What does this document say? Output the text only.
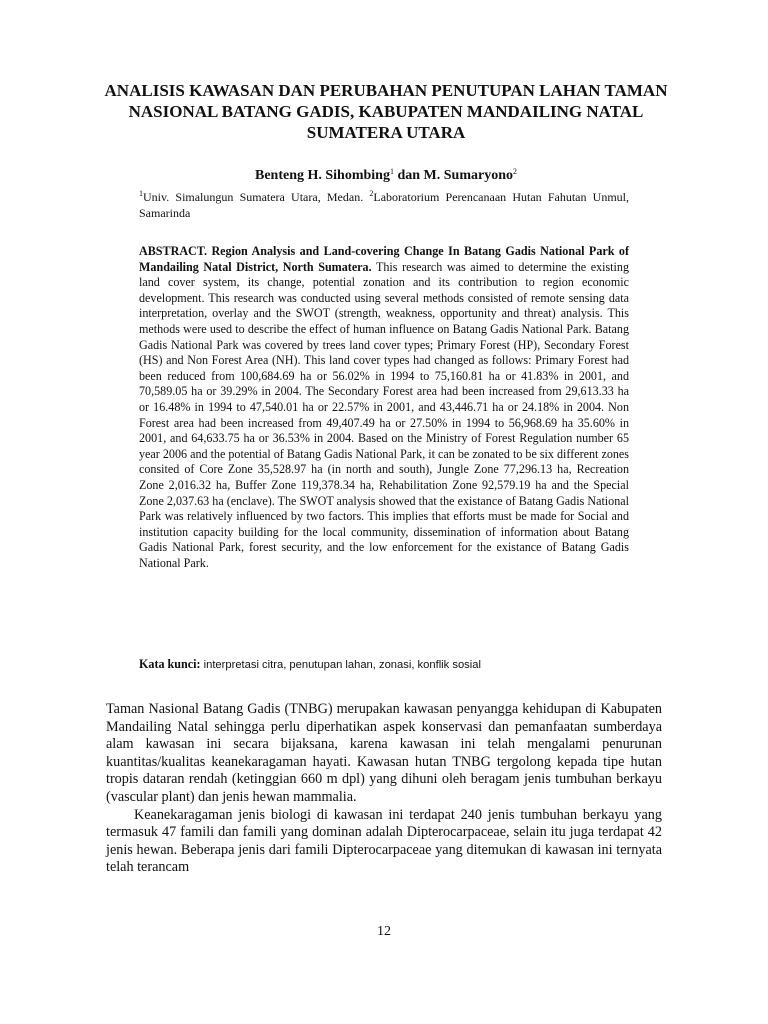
ANALISIS KAWASAN DAN PERUBAHAN PENUTUPAN LAHAN TAMAN NASIONAL BATANG GADIS, KABUPATEN MANDAILING NATAL SUMATERA UTARA
Benteng H. Sihombing$^1$ dan M. Sumaryono$^2$
$^1$Univ. Simalungun Sumatera Utara, Medan. $^2$Laboratorium Perencanaan Hutan Fahutan Unmul, Samarinda

ABSTRACT. Region Analysis and Land-covering Change In Batang Gadis National Park of Mandailing Natal District, North Sumatera. This research was aimed to determine the existing land cover system, its change, potential zonation and its contribution to region economic development. This research was conducted using several methods consisted of remote sensing data interpretation, overlay and the SWOT (strength, weakness, opportunity and threat) analysis. This methods were used to describe the effect of human influence on Batang Gadis National Park. Batang Gadis National Park was covered by trees land cover types; Primary Forest (HP), Secondary Forest (HS) and Non Forest Area (NH). This land cover types had changed as follows: Primary Forest had been reduced from 100,684.69 ha or 56.02% in 1994 to 75,160.81 ha or 41.83% in 2001, and 70,589.05 ha or 39.29% in 2004. The Secondary Forest area had been increased from 29,613.33 ha or 16.48% in 1994 to 47,540.01 ha or 22.57% in 2001, and 43,446.71 ha or 24.18% in 2004. Non Forest area had been increased from 49,407.49 ha or 27.50% in 1994 to 56,968.69 ha 35.60% in 2001, and 64,633.75 ha or 36.53% in 2004. Based on the Ministry of Forest Regulation number 65 year 2006 and the potential of Batang Gadis National Park, it can be zonated to be six different zones consited of Core Zone 35,528.97 ha (in north and south), Jungle Zone 77,296.13 ha, Recreation Zone 2,016.32 ha, Buffer Zone 119,378.34 ha, Rehabilitation Zone 92,579.19 ha and the Special Zone 2,037.63 ha (enclave). The SWOT analysis showed that the existance of Batang Gadis National Park was relatively influenced by two factors. This implies that efforts must be made for Social and institution capacity building for the local community, dissemination of information about Batang Gadis National Park, forest security, and the low enforcement for the existance of Batang Gadis National Park.

Kata kunci: interpretasi citra, penutupan lahan, zonasi, konflik sosial

Taman Nasional Batang Gadis (TNBG) merupakan kawasan penyangga kehidupan di Kabupaten Mandailing Natal sehingga perlu diperhatikan aspek konservasi dan pemanfaatan sumberdaya alam kawasan ini secara bijaksana, karena kawasan ini telah mengalami penurunan kuantitas/kualitas keanekaragaman hayati. Kawasan hutan TNBG tergolong kepada tipe hutan tropis dataran rendah (ketinggian 660 m dpl) yang dihuni oleh beragam jenis tumbuhan berkayu (vascular plant) dan jenis hewan mammalia.

Keanekaragaman jenis biologi di kawasan ini terdapat 240 jenis tumbuhan berkayu yang termasuk 47 famili dan famili yang dominan adalah Dipterocarpaceae, selain itu juga terdapat 42 jenis hewan. Beberapa jenis dari famili Dipterocarpaceae yang ditemukan di kawasan ini ternyata telah terancam

12
